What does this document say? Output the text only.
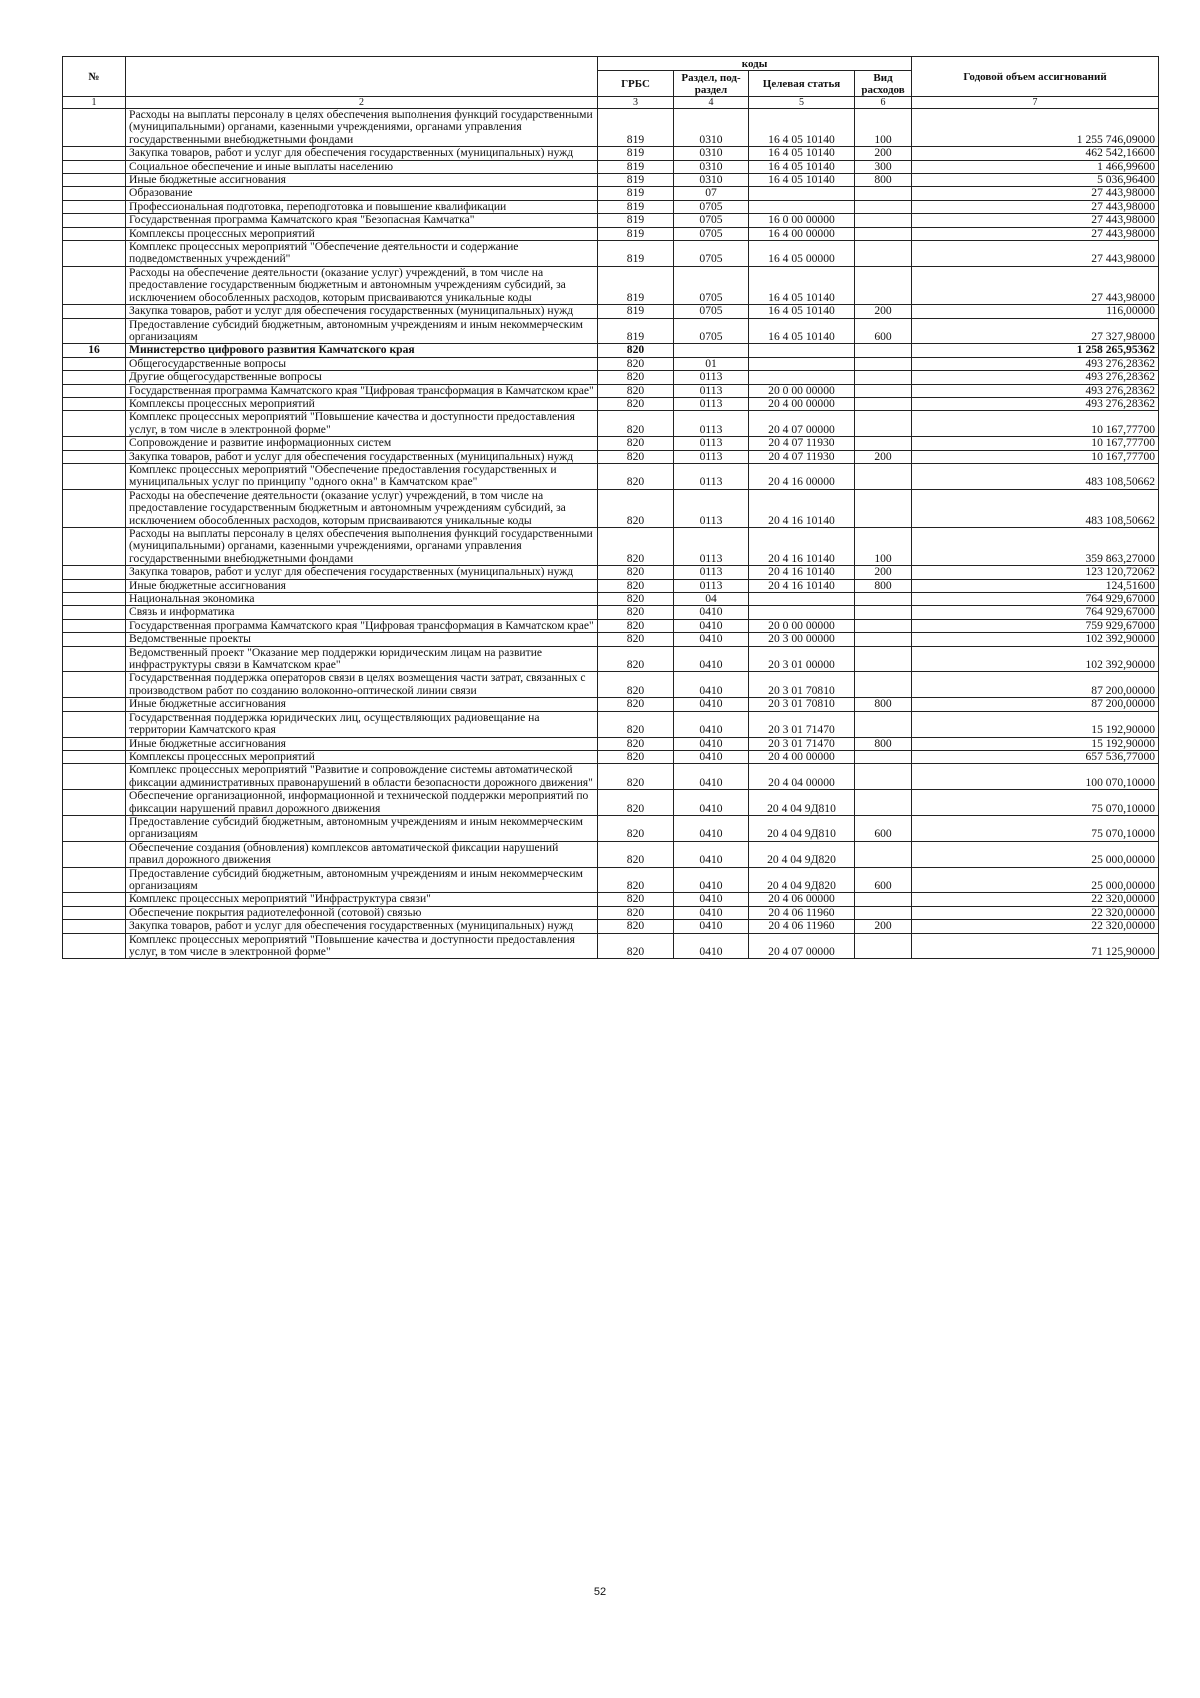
№		коды				Годовой объем ассигнований
		ГРБС	Раздел, под-раздел	Целевая статья	Вид расходов	
1	2	3	4	5	6	7
	Расходы на выплаты персоналу в целях обеспечения выполнения функций государственными (муниципальными) органами, казенными учреждениями, органами управления государственными внебюджетными фондами	819	0310	16 4 05 10140	100	1 255 746,09000
	Закупка товаров, работ и услуг для обеспечения государственных (муниципальных) нужд	819	0310	16 4 05 10140	200	462 542,16600
	Социальное обеспечение и иные выплаты населению	819	0310	16 4 05 10140	300	1 466,99600
	Иные бюджетные ассигнования	819	0310	16 4 05 10140	800	5 036,96400
	Образование	819	07			27 443,98000
	Профессиональная подготовка, переподготовка и повышение квалификации	819	0705			27 443,98000
	Государственная программа Камчатского края "Безопасная Камчатка"	819	0705	16 0 00 00000		27 443,98000
	Комплексы процессных мероприятий	819	0705	16 4 00 00000		27 443,98000
	Комплекс процессных мероприятий "Обеспечение деятельности и содержание подведомственных учреждений"	819	0705	16 4 05 00000		27 443,98000
	Расходы на обеспечение деятельности (оказание услуг) учреждений, в том числе на предоставление государственным бюджетным и автономным учреждениям субсидий, за исключением обособленных расходов, которым присваиваются уникальные коды	819	0705	16 4 05 10140		27 443,98000
	Закупка товаров, работ и услуг для обеспечения государственных (муниципальных) нужд	819	0705	16 4 05 10140	200	116,00000
	Предоставление субсидий бюджетным, автономным учреждениям и иным некоммерческим организациям	819	0705	16 4 05 10140	600	27 327,98000
16	Министерство цифрового развития Камчатского края	820				1 258 265,95362
	Общегосударственные вопросы	820	01			493 276,28362
	Другие общегосударственные вопросы	820	0113			493 276,28362
	Государственная программа Камчатского края "Цифровая трансформация в Камчатском крае"	820	0113	20 0 00 00000		493 276,28362
	Комплексы процессных мероприятий	820	0113	20 4 00 00000		493 276,28362
	Комплекс процессных мероприятий "Повышение качества и доступности предоставления услуг, в том числе в электронной форме"	820	0113	20 4 07 00000		10 167,77700
	Сопровождение и развитие информационных систем	820	0113	20 4 07 11930		10 167,77700
	Закупка товаров, работ и услуг для обеспечения государственных (муниципальных) нужд	820	0113	20 4 07 11930	200	10 167,77700
	Комплекс процессных мероприятий "Обеспечение предоставления государственных и муниципальных услуг по принципу "одного окна" в Камчатском крае"	820	0113	20 4 16 00000		483 108,50662
	Расходы на обеспечение деятельности (оказание услуг) учреждений, в том числе на предоставление государственным бюджетным и автономным учреждениям субсидий, за исключением обособленных расходов, которым присваиваются уникальные коды	820	0113	20 4 16 10140		483 108,50662
	Расходы на выплаты персоналу в целях обеспечения выполнения функций государственными (муниципальными) органами, казенными учреждениями, органами управления государственными внебюджетными фондами	820	0113	20 4 16 10140	100	359 863,27000
	Закупка товаров, работ и услуг для обеспечения государственных (муниципальных) нужд	820	0113	20 4 16 10140	200	123 120,72062
	Иные бюджетные ассигнования	820	0113	20 4 16 10140	800	124,51600
	Национальная экономика	820	04			764 929,67000
	Связь и информатика	820	0410			764 929,67000
	Государственная программа Камчатского края "Цифровая трансформация в Камчатском крае"	820	0410	20 0 00 00000		759 929,67000
	Ведомственные проекты	820	0410	20 3 00 00000		102 392,90000
	Ведомственный проект "Оказание мер поддержки юридическим лицам на развитие инфраструктуры связи в Камчатском крае"	820	0410	20 3 01 00000		102 392,90000
	Государственная поддержка операторов связи в целях возмещения части затрат, связанных с производством работ по созданию волоконно-оптической линии связи	820	0410	20 3 01 70810		87 200,00000
	Иные бюджетные ассигнования	820	0410	20 3 01 70810	800	87 200,00000
	Государственная поддержка юридических лиц, осуществляющих радиовещание на территории Камчатского края	820	0410	20 3 01 71470		15 192,90000
	Иные бюджетные ассигнования	820	0410	20 3 01 71470	800	15 192,90000
	Комплексы процессных мероприятий	820	0410	20 4 00 00000		657 536,77000
	Комплекс процессных мероприятий "Развитие и сопровождение системы автоматической фиксации административных правонарушений в области безопасности дорожного движения"	820	0410	20 4 04 00000		100 070,10000
	Обеспечение организационной, информационной и технической поддержки мероприятий по фиксации нарушений правил дорожного движения	820	0410	20 4 04 9Д810		75 070,10000
	Предоставление субсидий бюджетным, автономным учреждениям и иным некоммерческим организациям	820	0410	20 4 04 9Д810	600	75 070,10000
	Обеспечение создания (обновления) комплексов автоматической фиксации нарушений правил дорожного движения	820	0410	20 4 04 9Д820		25 000,00000
	Предоставление субсидий бюджетным, автономным учреждениям и иным некоммерческим организациям	820	0410	20 4 04 9Д820	600	25 000,00000
	Комплекс процессных мероприятий "Инфраструктура связи"	820	0410	20 4 06 00000		22 320,00000
	Обеспечение покрытия радиотелефонной (сотовой) связью	820	0410	20 4 06 11960		22 320,00000
	Закупка товаров, работ и услуг для обеспечения государственных (муниципальных) нужд	820	0410	20 4 06 11960	200	22 320,00000
	Комплекс процессных мероприятий "Повышение качества и доступности предоставления услуг, в том числе в электронной форме"	820	0410	20 4 07 00000		71 125,90000
52
